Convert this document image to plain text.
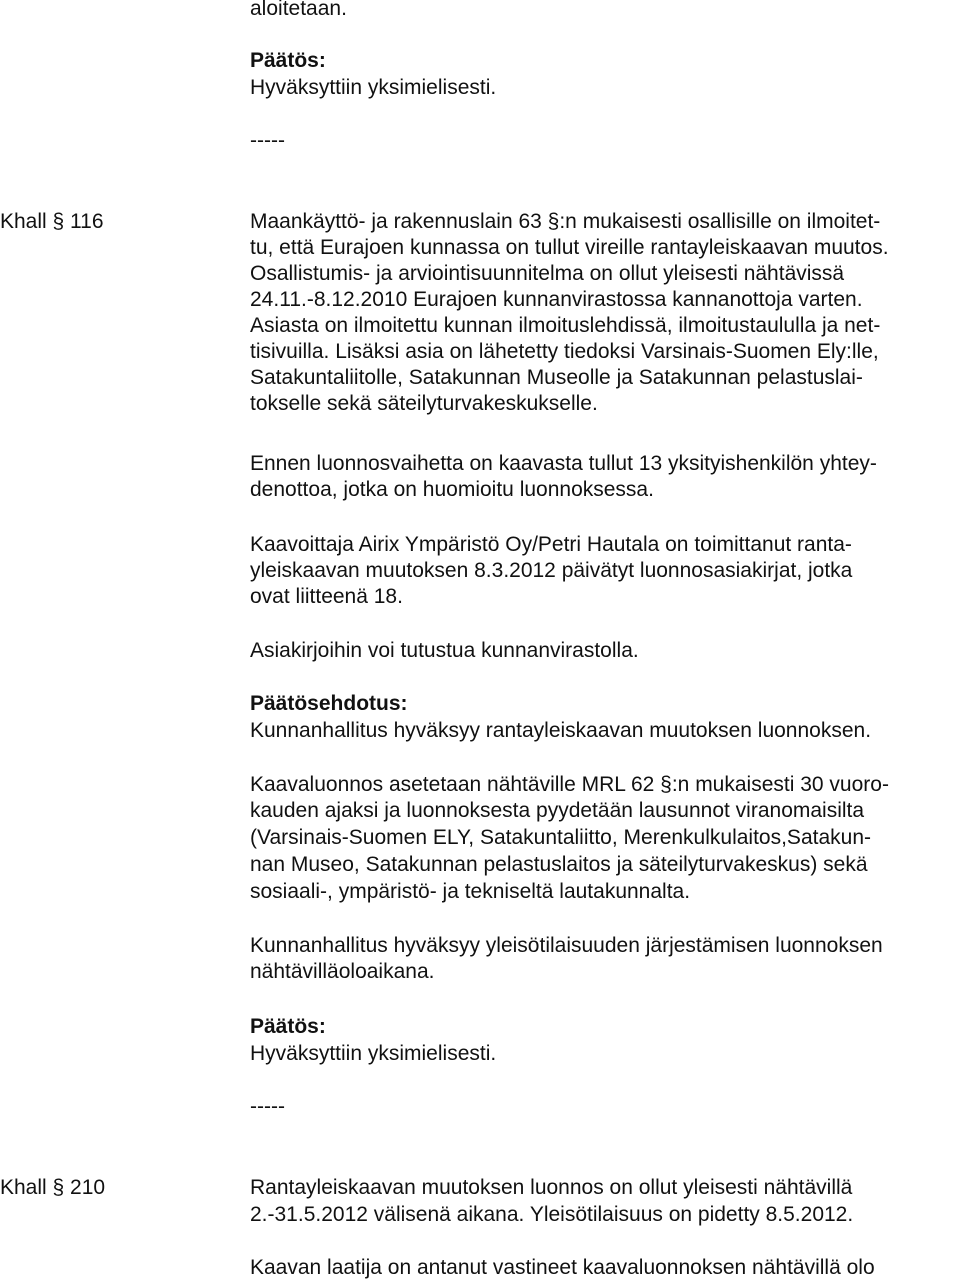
aloitetaan.
Päätös:
Hyväksyttiin yksimielisesti.
-----
Khall § 116	Maankäyttö- ja rakennuslain 63 §:n mukaisesti osallisille on ilmoitet-
tu, että Eurajoen kunnassa on tullut vireille rantayleiskaavan muutos.
Osallistumis- ja arviointisuunnitelma on ollut yleisesti nähtävissä
24.11.-8.12.2010 Eurajoen kunnanvirastossa kannanottoja varten.
Asiasta on ilmoitettu kunnan ilmoituslehdissä, ilmoitustaululla ja net-
tisivuilla. Lisäksi asia on lähetetty tiedoksi Varsinais-Suomen Ely:lle,
Satakuntaliitolle, Satakunnan Museolle ja Satakunnan pelastuslai-
tokselle sekä säteilyturvakeskukselle.
Ennen luonnosvaihetta on kaavasta tullut 13 yksityishenkilön yhtey-
denottoa, jotka on huomioitu luonnoksessa.
Kaavoittaja Airix Ympäristö Oy/Petri Hautala on toimittanut ranta-
yleiskaavan muutoksen 8.3.2012 päivätyt luonnosasiakirjat, jotka
ovat liitteenä 18.
Asiakirjoihin voi tutustua kunnanvirastolla.
Päätösehdotus:
Kunnanhallitus hyväksyy rantayleiskaavan muutoksen luonnoksen.
Kaavaluonnos asetetaan nähtäville MRL 62 §:n mukaisesti 30 vuoro-
kauden ajaksi ja luonnoksesta pyydetään lausunnot viranomaisilta
(Varsinais-Suomen ELY, Satakuntaliitto, Merenkulkulaitos,Satakun-
nan Museo, Satakunnan pelastuslaitos ja säteilyturvakeskus) sekä
sosiaali-, ympäristö- ja tekniseltä lautakunnalta.
Kunnanhallitus hyväksyy yleisötilaisuuden järjestämisen luonnoksen
nähtävilläoloaikana.
Päätös:
Hyväksyttiin yksimielisesti.
-----
Khall § 210	Rantayleiskaavan muutoksen luonnos on ollut yleisesti nähtävillä
2.-31.5.2012 välisenä aikana. Yleisötilaisuus on pidetty 8.5.2012.
Kaavan laatija on antanut vastineet kaavaluonnoksen nähtävillä olo
